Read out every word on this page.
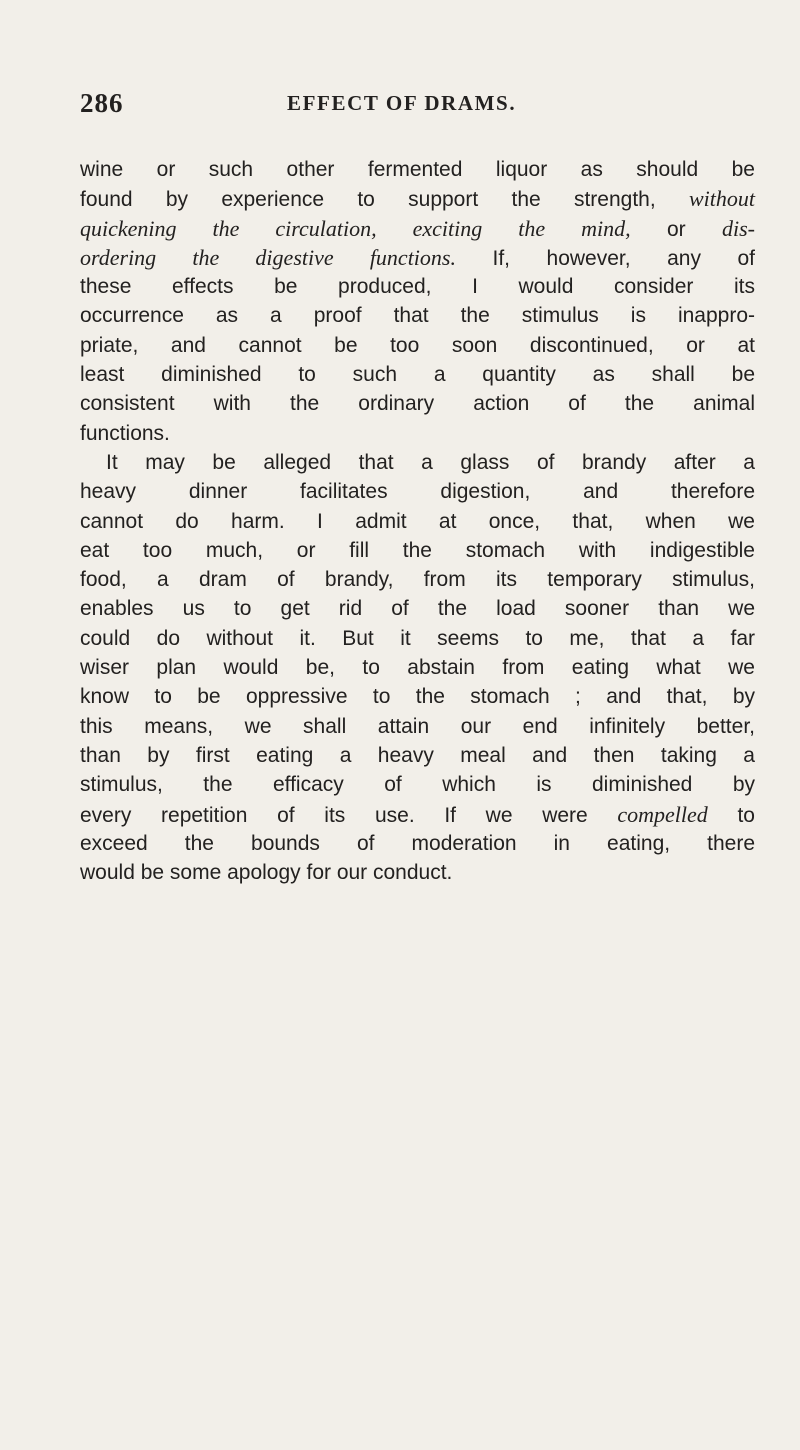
286	EFFECT OF DRAMS.
wine or such other fermented liquor as should be
found by experience to support the strength, without
quickening the circulation, exciting the mind, or dis-
ordering the digestive functions. If, however, any of
these effects be produced, I would consider its
occurrence as a proof that the stimulus is inappro-
priate, and cannot be too soon discontinued, or at
least diminished to such a quantity as shall be
consistent with the ordinary action of the animal
functions.
It may be alleged that a glass of brandy after a
heavy dinner facilitates digestion, and therefore
cannot do harm. I admit at once, that, when we
eat too much, or fill the stomach with indigestible
food, a dram of brandy, from its temporary stimulus,
enables us to get rid of the load sooner than we
could do without it. But it seems to me, that a far
wiser plan would be, to abstain from eating what we
know to be oppressive to the stomach ; and that, by
this means, we shall attain our end infinitely better,
than by first eating a heavy meal and then taking a
stimulus, the efficacy of which is diminished by
every repetition of its use. If we were compelled to
exceed the bounds of moderation in eating, there
would be some apology for our conduct.
